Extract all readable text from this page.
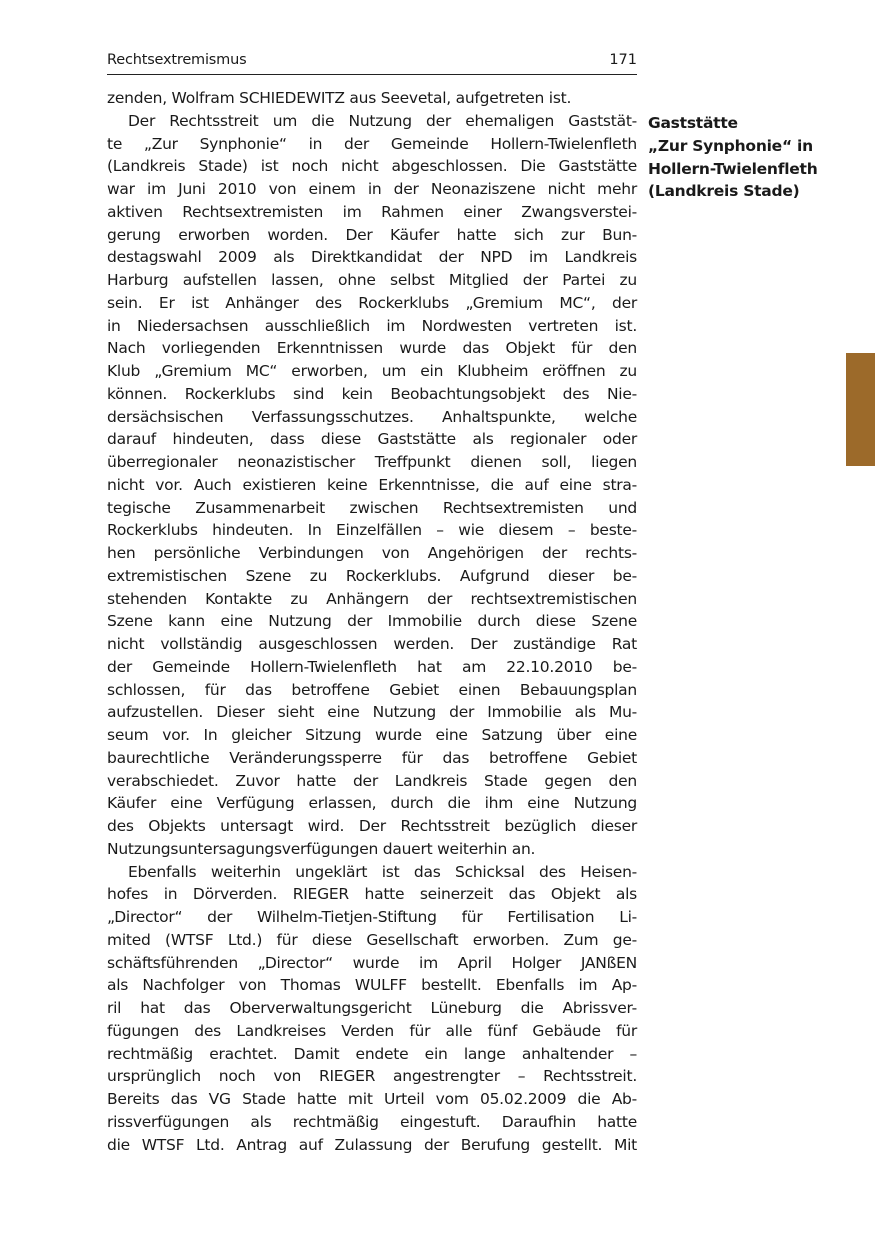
Rechtsextremismus	171

zenden, Wolfram SCHIEDEWITZ aus Seevetal, aufgetreten ist.

Der Rechtsstreit um die Nutzung der ehemaligen Gaststät-

te „Zur Synphonie“ in der Gemeinde Hollern-Twielenfleth

(Landkreis Stade) ist noch nicht abgeschlossen. Die Gaststätte

war im Juni 2010 von einem in der Neonaziszene nicht mehr

aktiven Rechtsextremisten im Rahmen einer Zwangsverstei-

gerung erworben worden. Der Käufer hatte sich zur Bun-

destagswahl 2009 als Direktkandidat der NPD im Landkreis

Harburg aufstellen lassen, ohne selbst Mitglied der Partei zu

sein. Er ist Anhänger des Rockerklubs „Gremium MC“, der

in Niedersachsen ausschließlich im Nordwesten vertreten ist.

Nach vorliegenden Erkenntnissen wurde das Objekt für den

Klub „Gremium MC“ erworben, um ein Klubheim eröffnen zu

können. Rockerklubs sind kein Beobachtungsobjekt des Nie-

dersächsischen Verfassungsschutzes. Anhaltspunkte, welche

darauf hindeuten, dass diese Gaststätte als regionaler oder

überregionaler neonazistischer Treffpunkt dienen soll, liegen

nicht vor. Auch existieren keine Erkenntnisse, die auf eine stra-

tegische Zusammenarbeit zwischen Rechtsextremisten und

Rockerklubs hindeuten. In Einzelfällen – wie diesem – beste-

hen persönliche Verbindungen von Angehörigen der rechts-

extremistischen Szene zu Rockerklubs. Aufgrund dieser be-

stehenden Kontakte zu Anhängern der rechtsextremistischen

Szene kann eine Nutzung der Immobilie durch diese Szene

nicht vollständig ausgeschlossen werden. Der zuständige Rat

der Gemeinde Hollern-Twielenfleth hat am 22.10.2010 be-

schlossen, für das betroffene Gebiet einen Bebauungsplan

aufzustellen. Dieser sieht eine Nutzung der Immobilie als Mu-

seum vor. In gleicher Sitzung wurde eine Satzung über eine

baurechtliche Veränderungssperre für das betroffene Gebiet

verabschiedet. Zuvor hatte der Landkreis Stade gegen den

Käufer eine Verfügung erlassen, durch die ihm eine Nutzung

des Objekts untersagt wird. Der Rechtsstreit bezüglich dieser

Nutzungsuntersagungsverfügungen dauert weiterhin an.

Ebenfalls weiterhin ungeklärt ist das Schicksal des Heisen-

hofes in Dörverden. RIEGER hatte seinerzeit das Objekt als

„Director“ der Wilhelm-Tietjen-Stiftung für Fertilisation Li-

mited (WTSF Ltd.) für diese Gesellschaft erworben. Zum ge-

schäftsführenden „Director“ wurde im April Holger JANßEN

als Nachfolger von Thomas WULFF bestellt. Ebenfalls im Ap-

ril hat das Oberverwaltungsgericht Lüneburg die Abrissver-

fügungen des Landkreises Verden für alle fünf Gebäude für

rechtmäßig erachtet. Damit endete ein lange anhaltender –

ursprünglich noch von RIEGER angestrengter – Rechtsstreit.

Bereits das VG Stade hatte mit Urteil vom 05.02.2009 die Ab-

rissverfügungen als rechtmäßig eingestuft. Daraufhin hatte

die WTSF Ltd. Antrag auf Zulassung der Berufung gestellt. Mit

Gaststätte
„Zur Synphonie“ in
Hollern-Twielenfleth
(Landkreis Stade)
